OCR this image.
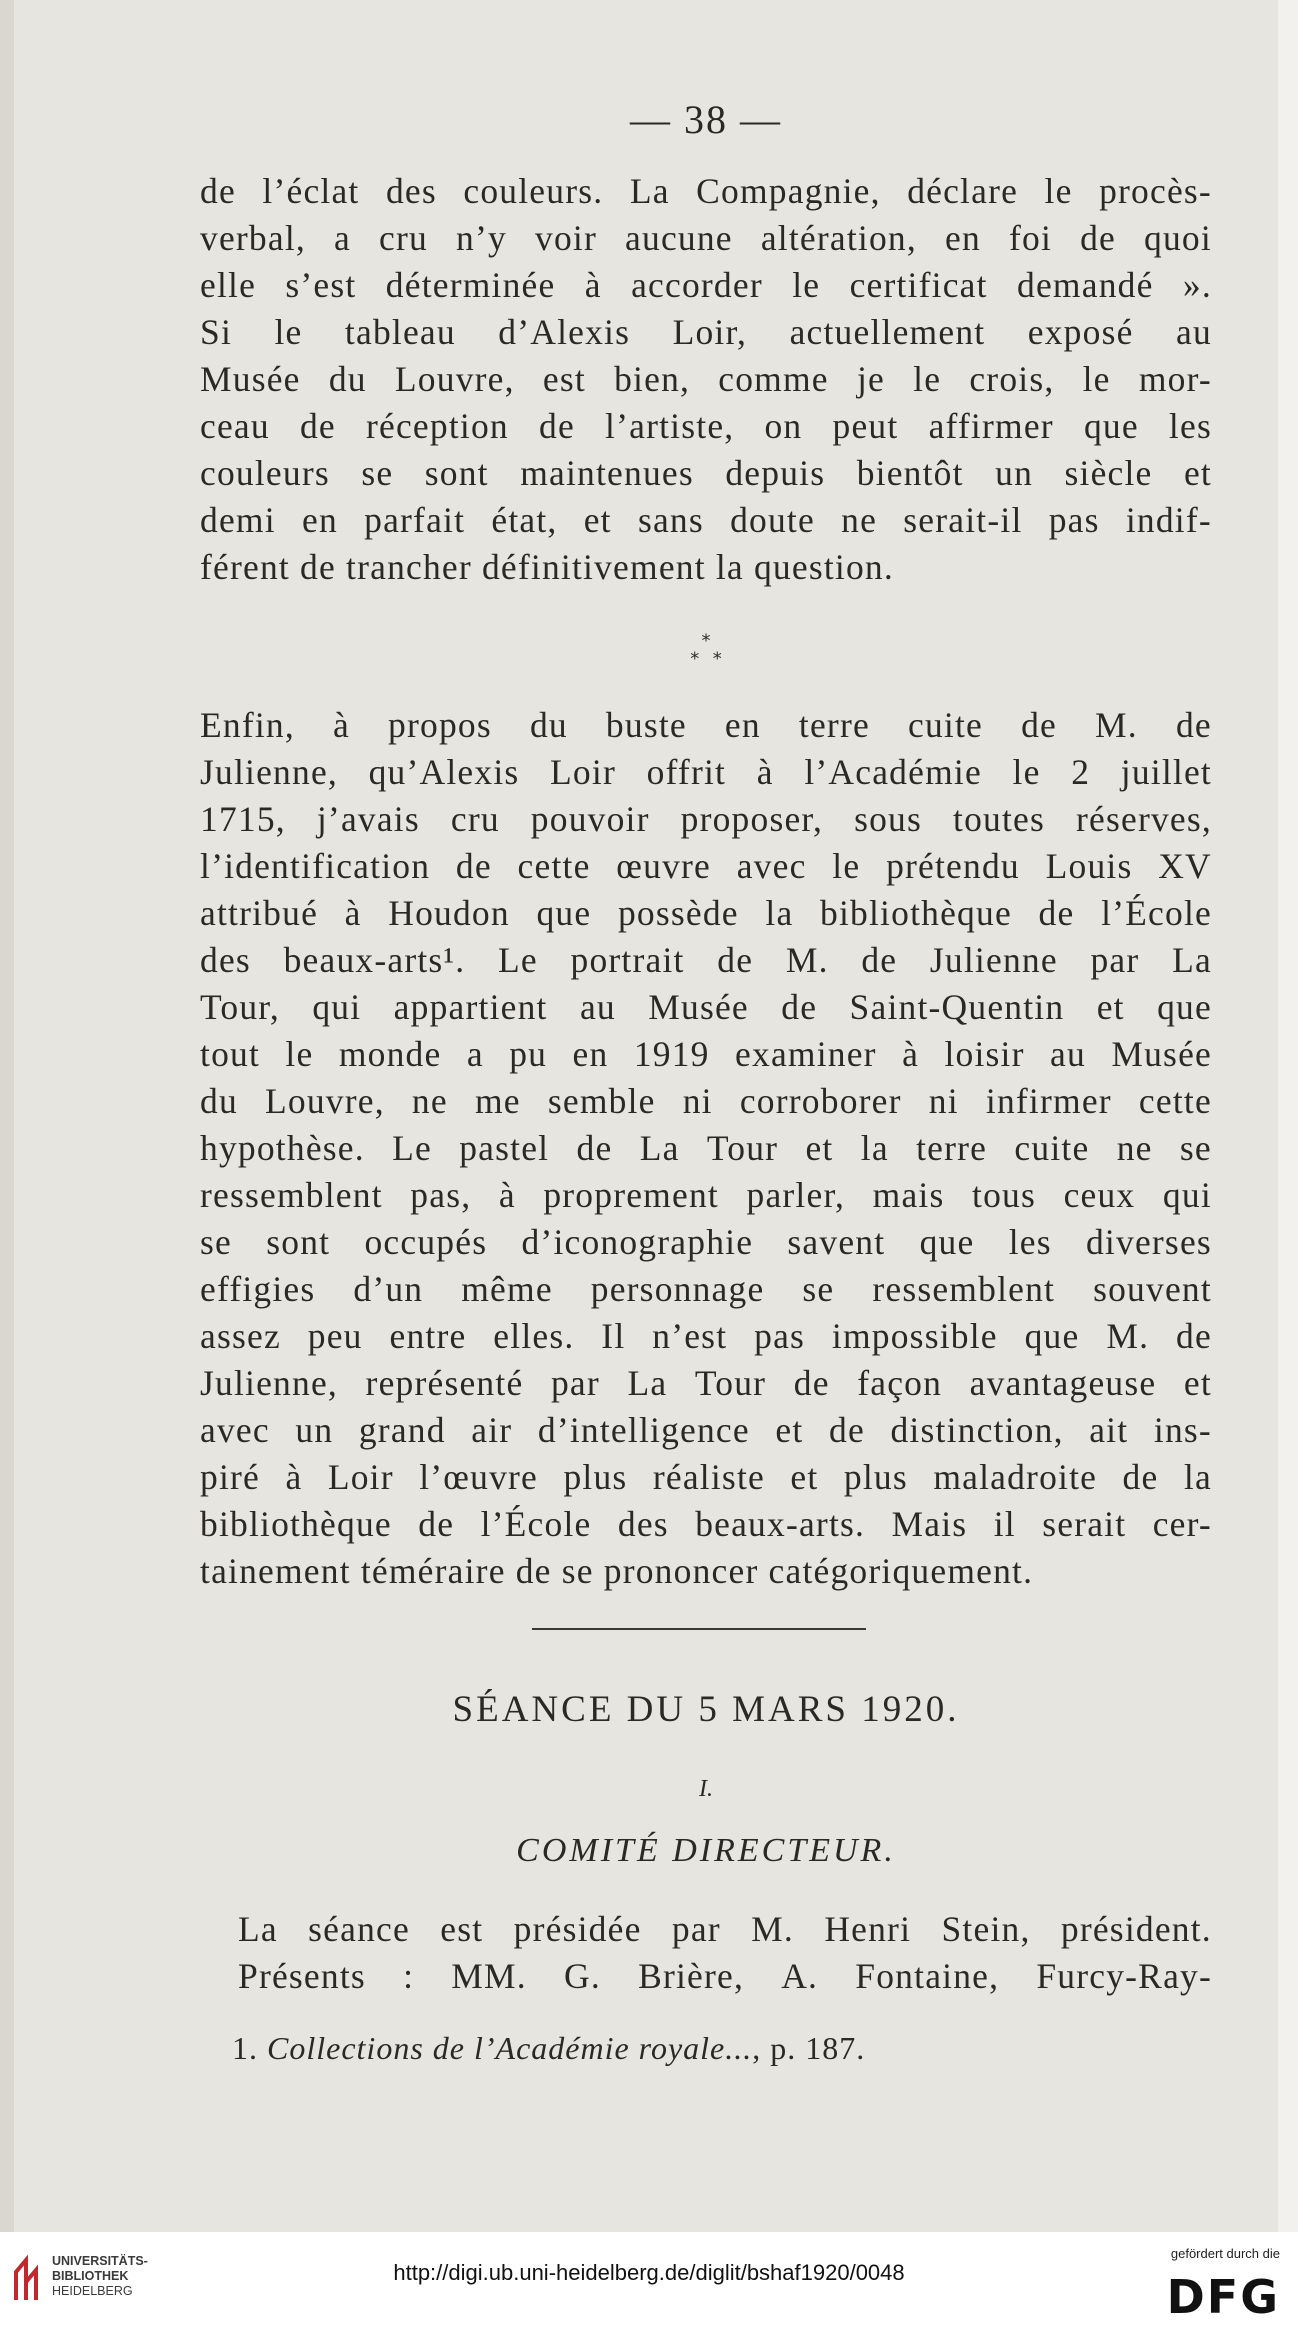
— 38 —
de l’éclat des couleurs. La Compagnie, déclare le procès-
verbal, a cru n’y voir aucune altération, en foi de quoi
elle s’est déterminée à accorder le certificat demandé ».
Si le tableau d’Alexis Loir, actuellement exposé au
Musée du Louvre, est bien, comme je le crois, le mor-
ceau de réception de l’artiste, on peut affirmer que les
couleurs se sont maintenues depuis bientôt un siècle et
demi en parfait état, et sans doute ne serait-il pas indif-
férent de trancher définitivement la question.
⁎
⁎   ⁎
Enfin, à propos du buste en terre cuite de M. de
Julienne, qu’Alexis Loir offrit à l’Académie le 2 juillet
1715, j’avais cru pouvoir proposer, sous toutes réserves,
l’identification de cette œuvre avec le prétendu Louis XV
attribué à Houdon que possède la bibliothèque de l’École
des beaux-arts¹. Le portrait de M. de Julienne par La
Tour, qui appartient au Musée de Saint-Quentin et que
tout le monde a pu en 1919 examiner à loisir au Musée
du Louvre, ne me semble ni corroborer ni infirmer cette
hypothèse. Le pastel de La Tour et la terre cuite ne se
ressemblent pas, à proprement parler, mais tous ceux qui
se sont occupés d’iconographie savent que les diverses
effigies d’un même personnage se ressemblent souvent
assez peu entre elles. Il n’est pas impossible que M. de
Julienne, représenté par La Tour de façon avantageuse et
avec un grand air d’intelligence et de distinction, ait ins-
piré à Loir l’œuvre plus réaliste et plus maladroite de la
bibliothèque de l’École des beaux-arts. Mais il serait cer-
tainement téméraire de se prononcer catégoriquement.
SÉANCE DU 5 MARS 1920.
I.
COMITÉ DIRECTEUR.
La séance est présidée par M. Henri Stein, président.
Présents : MM. G. Brière, A. Fontaine, Furcy-Ray-
1. Collections de l’Académie royale..., p. 187.
UNIVERSITÄTS-
BIBLIOTHEK
HEIDELBERG
http://digi.ub.uni-heidelberg.de/diglit/bshaf1920/0048
gefördert durch die
DFG
